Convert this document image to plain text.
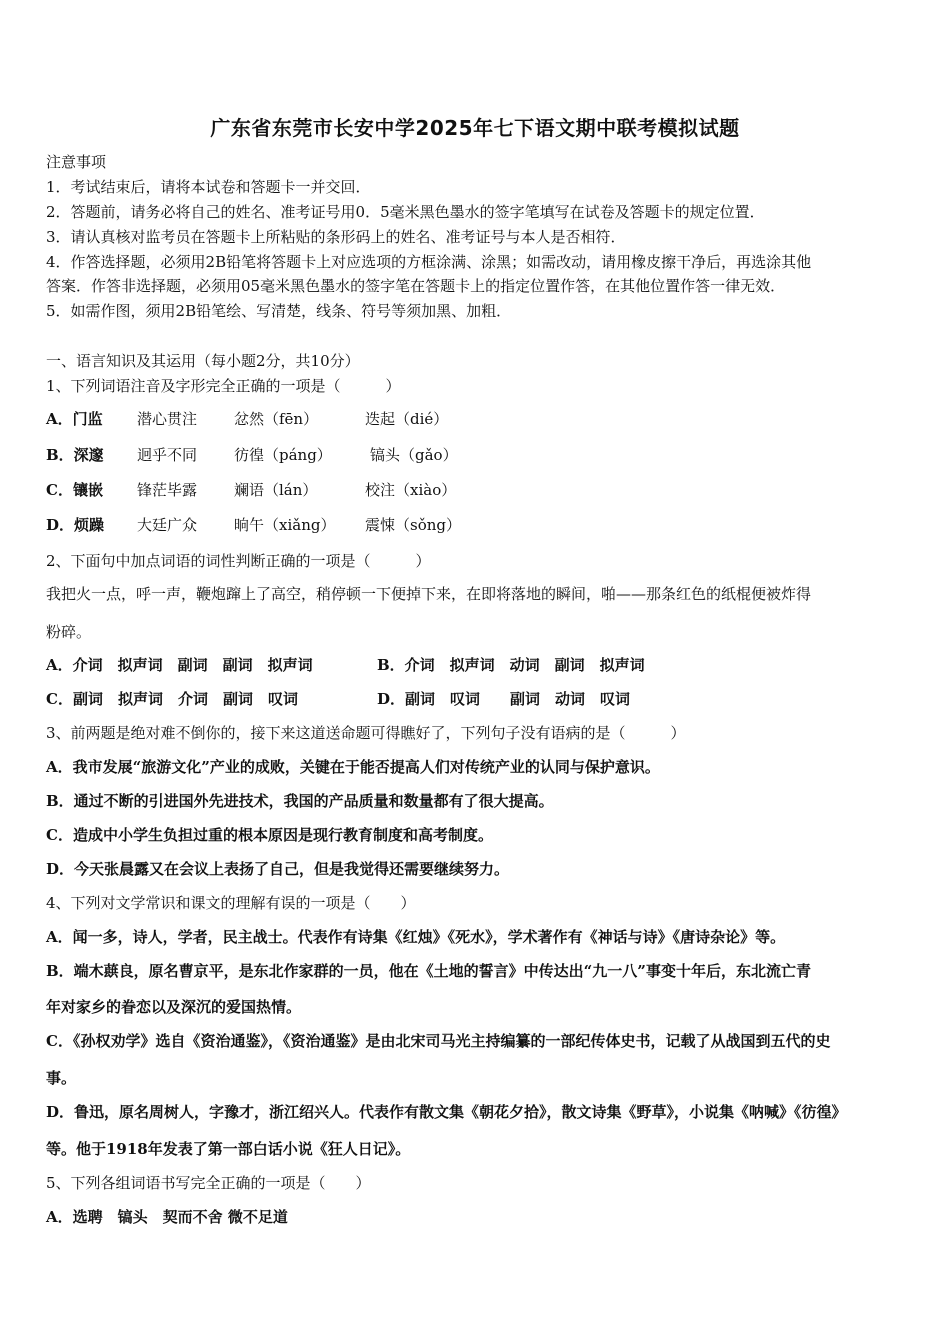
广东省东莞市长安中学2025年七下语文期中联考模拟试题
注意事项
1．考试结束后，请将本试卷和答题卡一并交回．
2．答题前，请务必将自己的姓名、准考证号用0．5毫米黑色墨水的签字笔填写在试卷及答题卡的规定位置．
3．请认真核对监考员在答题卡上所粘贴的条形码上的姓名、准考证号与本人是否相符．
4．作答选择题，必须用2B铅笔将答题卡上对应选项的方框涂满、涂黑；如需改动，请用橡皮擦干净后，再选涂其他
答案．作答非选择题，必须用05毫米黑色墨水的签字笔在答题卡上的指定位置作答，在其他位置作答一律无效．
5．如需作图，须用2B铅笔绘、写清楚，线条、符号等须加黑、加粗．
一、语言知识及其运用（每小题2分，共10分）
1、下列词语注音及字形完全正确的一项是（　　　）
A．门监 潜心贯注 忿然（fēn）	迭起（dié）
B．深邃 迥乎不同 彷徨（páng）	镐头（gǎo）
C．镶嵌 锋茫毕露 斓语（lán）	校注（xiào）
D．烦躁 大廷广众 晌午（xiǎng） 震悚（sǒng）
2、下面句中加点词语的词性判断正确的一项是（　　　）
我把火一点，呼一声，鞭炮蹿上了高空，稍停顿一下便掉下来，在即将落地的瞬间，啪——那条红色的纸棍便被炸得
粉碎。
A．介词　拟声词　副词　副词　拟声词	B．介词　拟声词　动词　副词　拟声词
C．副词　拟声词　介词　副词　叹词	D．副词　叹词　　副词　动词　叹词
3、前两题是绝对难不倒你的，接下来这道送命题可得瞧好了，下列句子没有语病的是（　　　）
A．我市发展“旅游文化”产业的成败，关键在于能否提高人们对传统产业的认同与保护意识。
B．通过不断的引进国外先进技术，我国的产品质量和数量都有了很大提高。
C．造成中小学生负担过重的根本原因是现行教育制度和高考制度。
D．今天张晨露又在会议上表扬了自己，但是我觉得还需要继续努力。
4、下列对文学常识和课文的理解有误的一项是（　　）
A．闻一多，诗人，学者，民主战士。代表作有诗集《红烛》《死水》，学术著作有《神话与诗》《唐诗杂论》等。
B．端木蕻良，原名曹京平，是东北作家群的一员，他在《土地的誓言》中传达出“九一八”事变十年后，东北流亡青
年对家乡的眷恋以及深沉的爱国热情。
C．《孙权劝学》选自《资治通鉴》，《资治通鉴》是由北宋司马光主持编纂的一部纪传体史书，记载了从战国到五代的史
事。
D．鲁迅，原名周树人，字豫才，浙江绍兴人。代表作有散文集《朝花夕拾》，散文诗集《野草》，小说集《呐喊》《彷徨》
等。他于1918年发表了第一部白话小说《狂人日记》。
5、下列各组词语书写完全正确的一项是（　　）
A．选聘　镐头　契而不舍 微不足道
